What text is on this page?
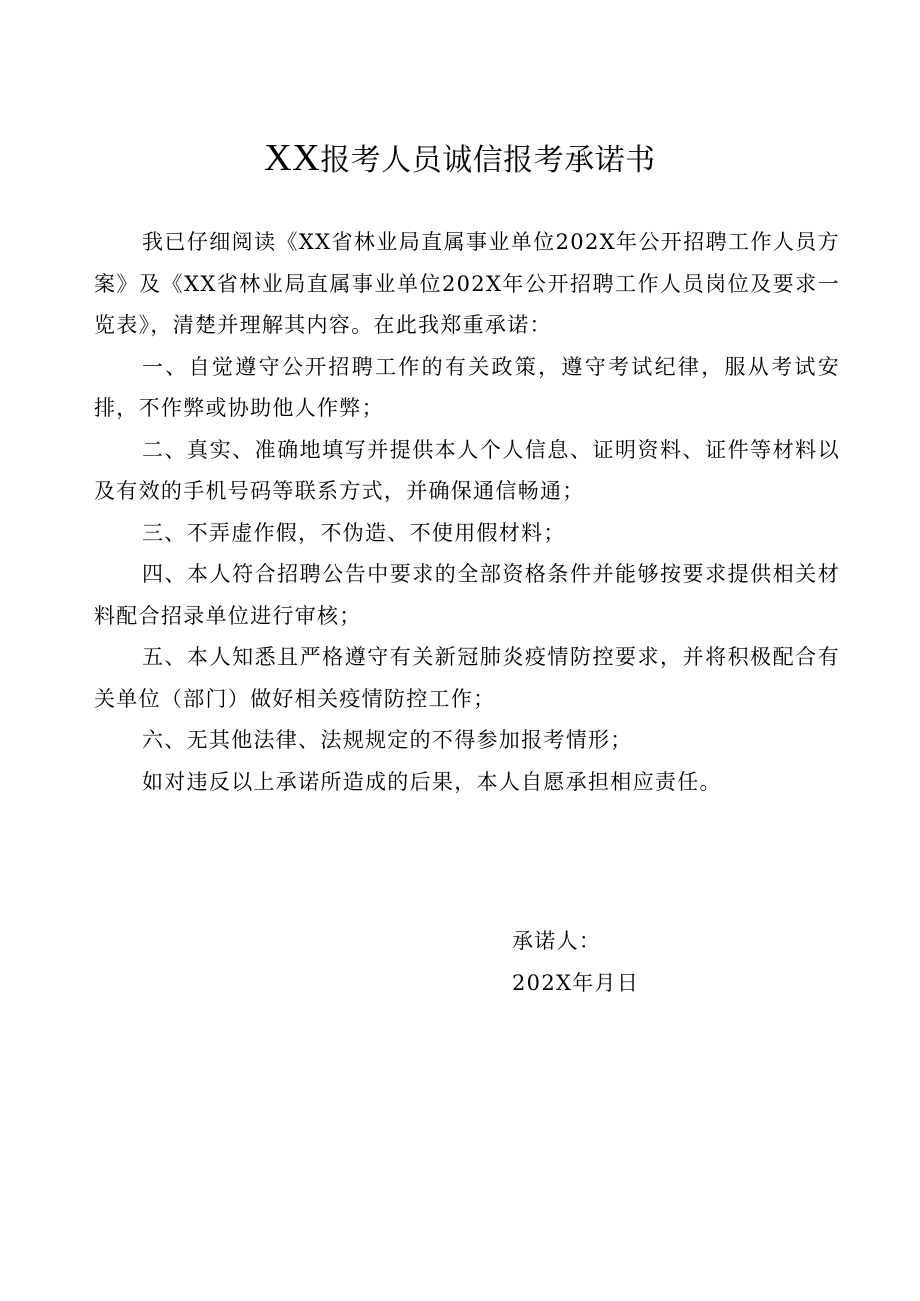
XX报考人员诚信报考承诺书

我已仔细阅读《XX省林业局直属事业单位202X年公开招聘工作人员方案》及《XX省林业局直属事业单位202X年公开招聘工作人员岗位及要求一览表》，清楚并理解其内容。在此我郑重承诺：

一、自觉遵守公开招聘工作的有关政策，遵守考试纪律，服从考试安排，不作弊或协助他人作弊；

二、真实、准确地填写并提供本人个人信息、证明资料、证件等材料以及有效的手机号码等联系方式，并确保通信畅通；

三、不弄虚作假，不伪造、不使用假材料；

四、本人符合招聘公告中要求的全部资格条件并能够按要求提供相关材料配合招录单位进行审核；

五、本人知悉且严格遵守有关新冠肺炎疫情防控要求，并将积极配合有关单位（部门）做好相关疫情防控工作；

六、无其他法律、法规规定的不得参加报考情形；

如对违反以上承诺所造成的后果，本人自愿承担相应责任。

承诺人：

202X年月日
